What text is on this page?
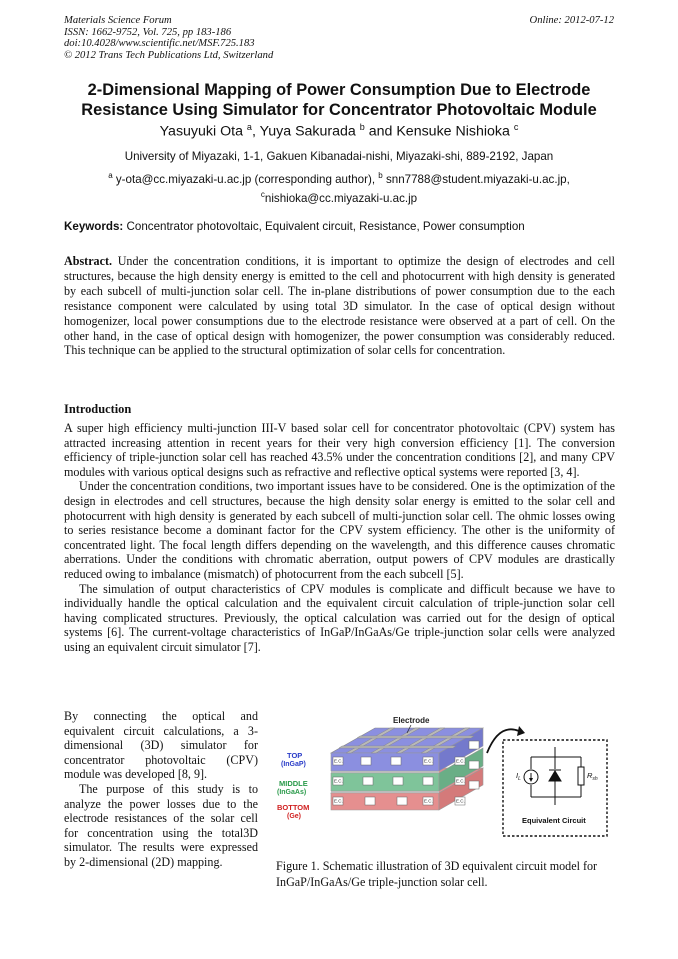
Materials Science Forum
ISSN: 1662-9752, Vol. 725, pp 183-186
doi:10.4028/www.scientific.net/MSF.725.183
© 2012 Trans Tech Publications Ltd, Switzerland
Online: 2012-07-12
2-Dimensional Mapping of Power Consumption Due to Electrode
Resistance Using Simulator for Concentrator Photovoltaic Module
Yasuyuki Ota $^a$, Yuya Sakurada $^b$ and Kensuke Nishioka $^c$
University of Miyazaki, 1-1, Gakuen Kibanadai-nishi, Miyazaki-shi, 889-2192, Japan
$^a$ y-ota@cc.miyazaki-u.ac.jp (corresponding author), $^b$ snn7788@student.miyazaki-u.ac.jp,
$^c$nishioka@cc.miyazaki-u.ac.jp
Keywords: Concentrator photovoltaic, Equivalent circuit, Resistance, Power consumption
Abstract. Under the concentration conditions, it is important to optimize the design of electrodes and cell structures, because the high density energy is emitted to the cell and photocurrent with high density is generated by each subcell of multi-junction solar cell. The in-plane distributions of power consumption due to the each resistance component were calculated by using total 3D simulator. In the case of optical design without homogenizer, local power consumptions due to the electrode resistance were observed at a part of cell. On the other hand, in the case of optical design with homogenizer, the power consumption was considerably reduced. This technique can be applied to the structural optimization of solar cells for concentration.
Introduction

A super high efficiency multi-junction III-V based solar cell for concentrator photovoltaic (CPV) system has attracted increasing attention in recent years for their very high conversion efficiency [1]. The conversion efficiency of triple-junction solar cell has reached 43.5% under the concentration conditions [2], and many CPV modules with various optical designs such as refractive and reflective optical systems were reported [3, 4].

Under the concentration conditions, two important issues have to be considered. One is the optimization of the design in electrodes and cell structures, because the high density solar energy is emitted to the solar cell and photocurrent with high density is generated by each subcell of multi-junction solar cell. The ohmic losses owing to series resistance become a dominant factor for the CPV system efficiency. The other is the uniformity of concentrated light. The focal length differs depending on the wavelength, and this difference causes chromatic aberrations. Under the conditions with chromatic aberration, output powers of CPV modules are drastically reduced owing to imbalance (mismatch) of photocurrent from the each subcell [5].

The simulation of output characteristics of CPV modules is complicate and difficult because we have to individually handle the optical calculation and the equivalent circuit calculation of triple-junction solar cell having complicated structures. Previously, the optical calculation was carried out for the design of optical systems [6]. The current-voltage characteristics of InGaP/InGaAs/Ge triple-junction solar cells were analyzed using an equivalent circuit simulator [7].

By connecting the optical and equivalent circuit calculations, a 3-dimensional (3D) simulator for concentrator photovoltaic (CPV) module was developed [8, 9].

The purpose of this study is to analyze the power losses due to the electrode resistances of the solar cell for concentration using the total3D simulator. The results were expressed by 2-dimensional (2D) mapping.

E.C.	E.C.
E.C.
E.C.	E.C.
E.C.
E.C.
E.C.
Electrode
TOP
(InGaP)
MIDDLE
(InGaAs)
BOTTOM
(Ge)
$I_L$	$R_{sh}$
Equivalent Circuit
Figure 1. Schematic illustration of 3D equivalent circuit model for InGaP/InGaAs/Ge triple-junction solar cell.
